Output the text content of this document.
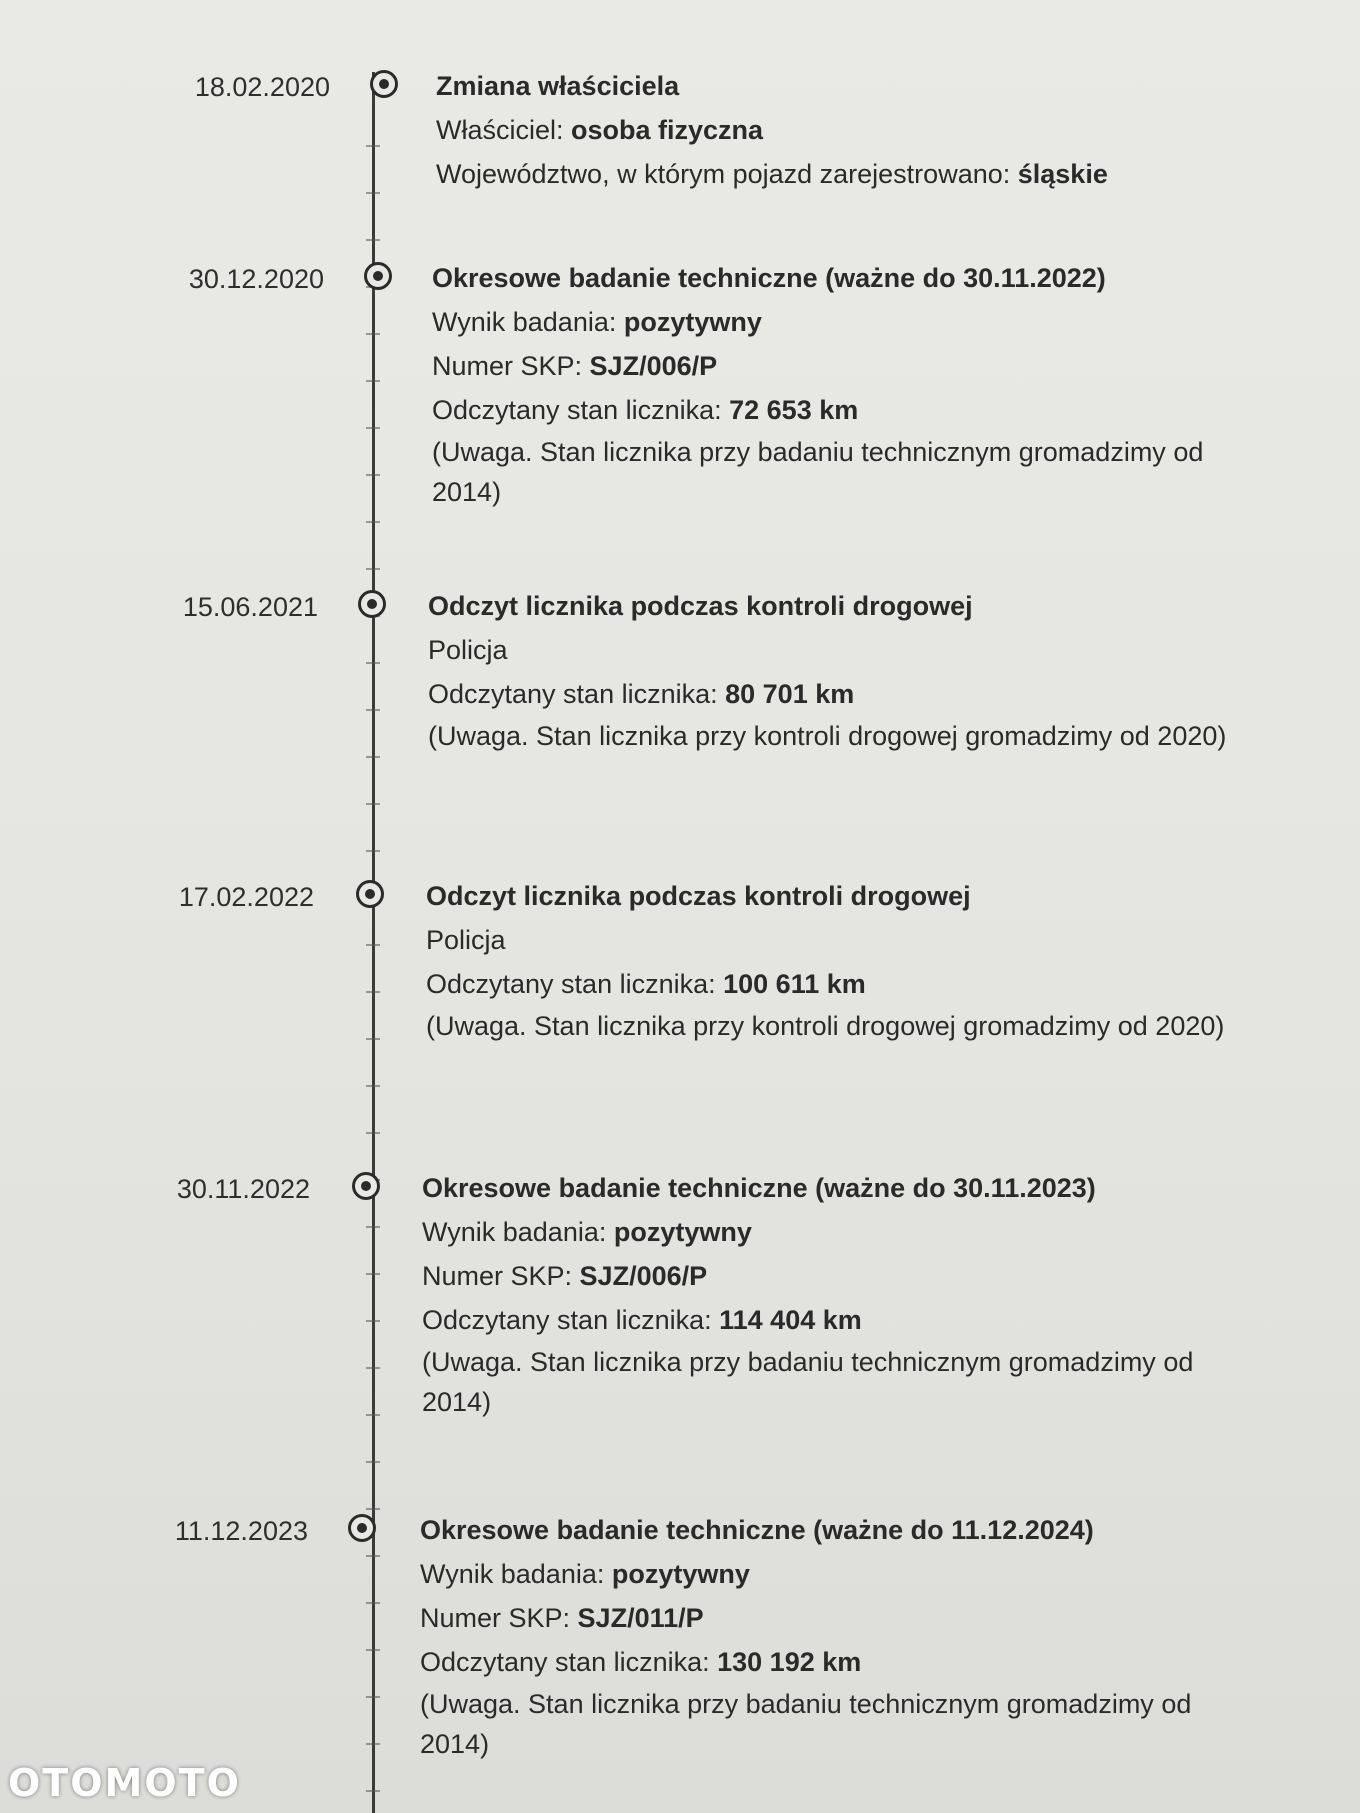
18.02.2020	Zmiana właściciela

Właściciel: osoba fizyczna

Województwo, w którym pojazd zarejestrowano: śląskie

30.12.2020	Okresowe badanie techniczne (ważne do 30.11.2022)

Wynik badania: pozytywny

Numer SKP: SJZ/006/P

Odczytany stan licznika: 72 653 km

(Uwaga. Stan licznika przy badaniu technicznym gromadzimy od 2014)

15.06.2021	Odczyt licznika podczas kontroli drogowej

Policja

Odczytany stan licznika: 80 701 km

(Uwaga. Stan licznika przy kontroli drogowej gromadzimy od 2020)

17.02.2022	Odczyt licznika podczas kontroli drogowej

Policja

Odczytany stan licznika: 100 611 km

(Uwaga. Stan licznika przy kontroli drogowej gromadzimy od 2020)

30.11.2022	Okresowe badanie techniczne (ważne do 30.11.2023)

Wynik badania: pozytywny

Numer SKP: SJZ/006/P

Odczytany stan licznika: 114 404 km

(Uwaga. Stan licznika przy badaniu technicznym gromadzimy od 2014)

11.12.2023	Okresowe badanie techniczne (ważne do 11.12.2024)

Wynik badania: pozytywny

Numer SKP: SJZ/011/P

Odczytany stan licznika: 130 192 km

(Uwaga. Stan licznika przy badaniu technicznym gromadzimy od 2014)

OTOMOTO
